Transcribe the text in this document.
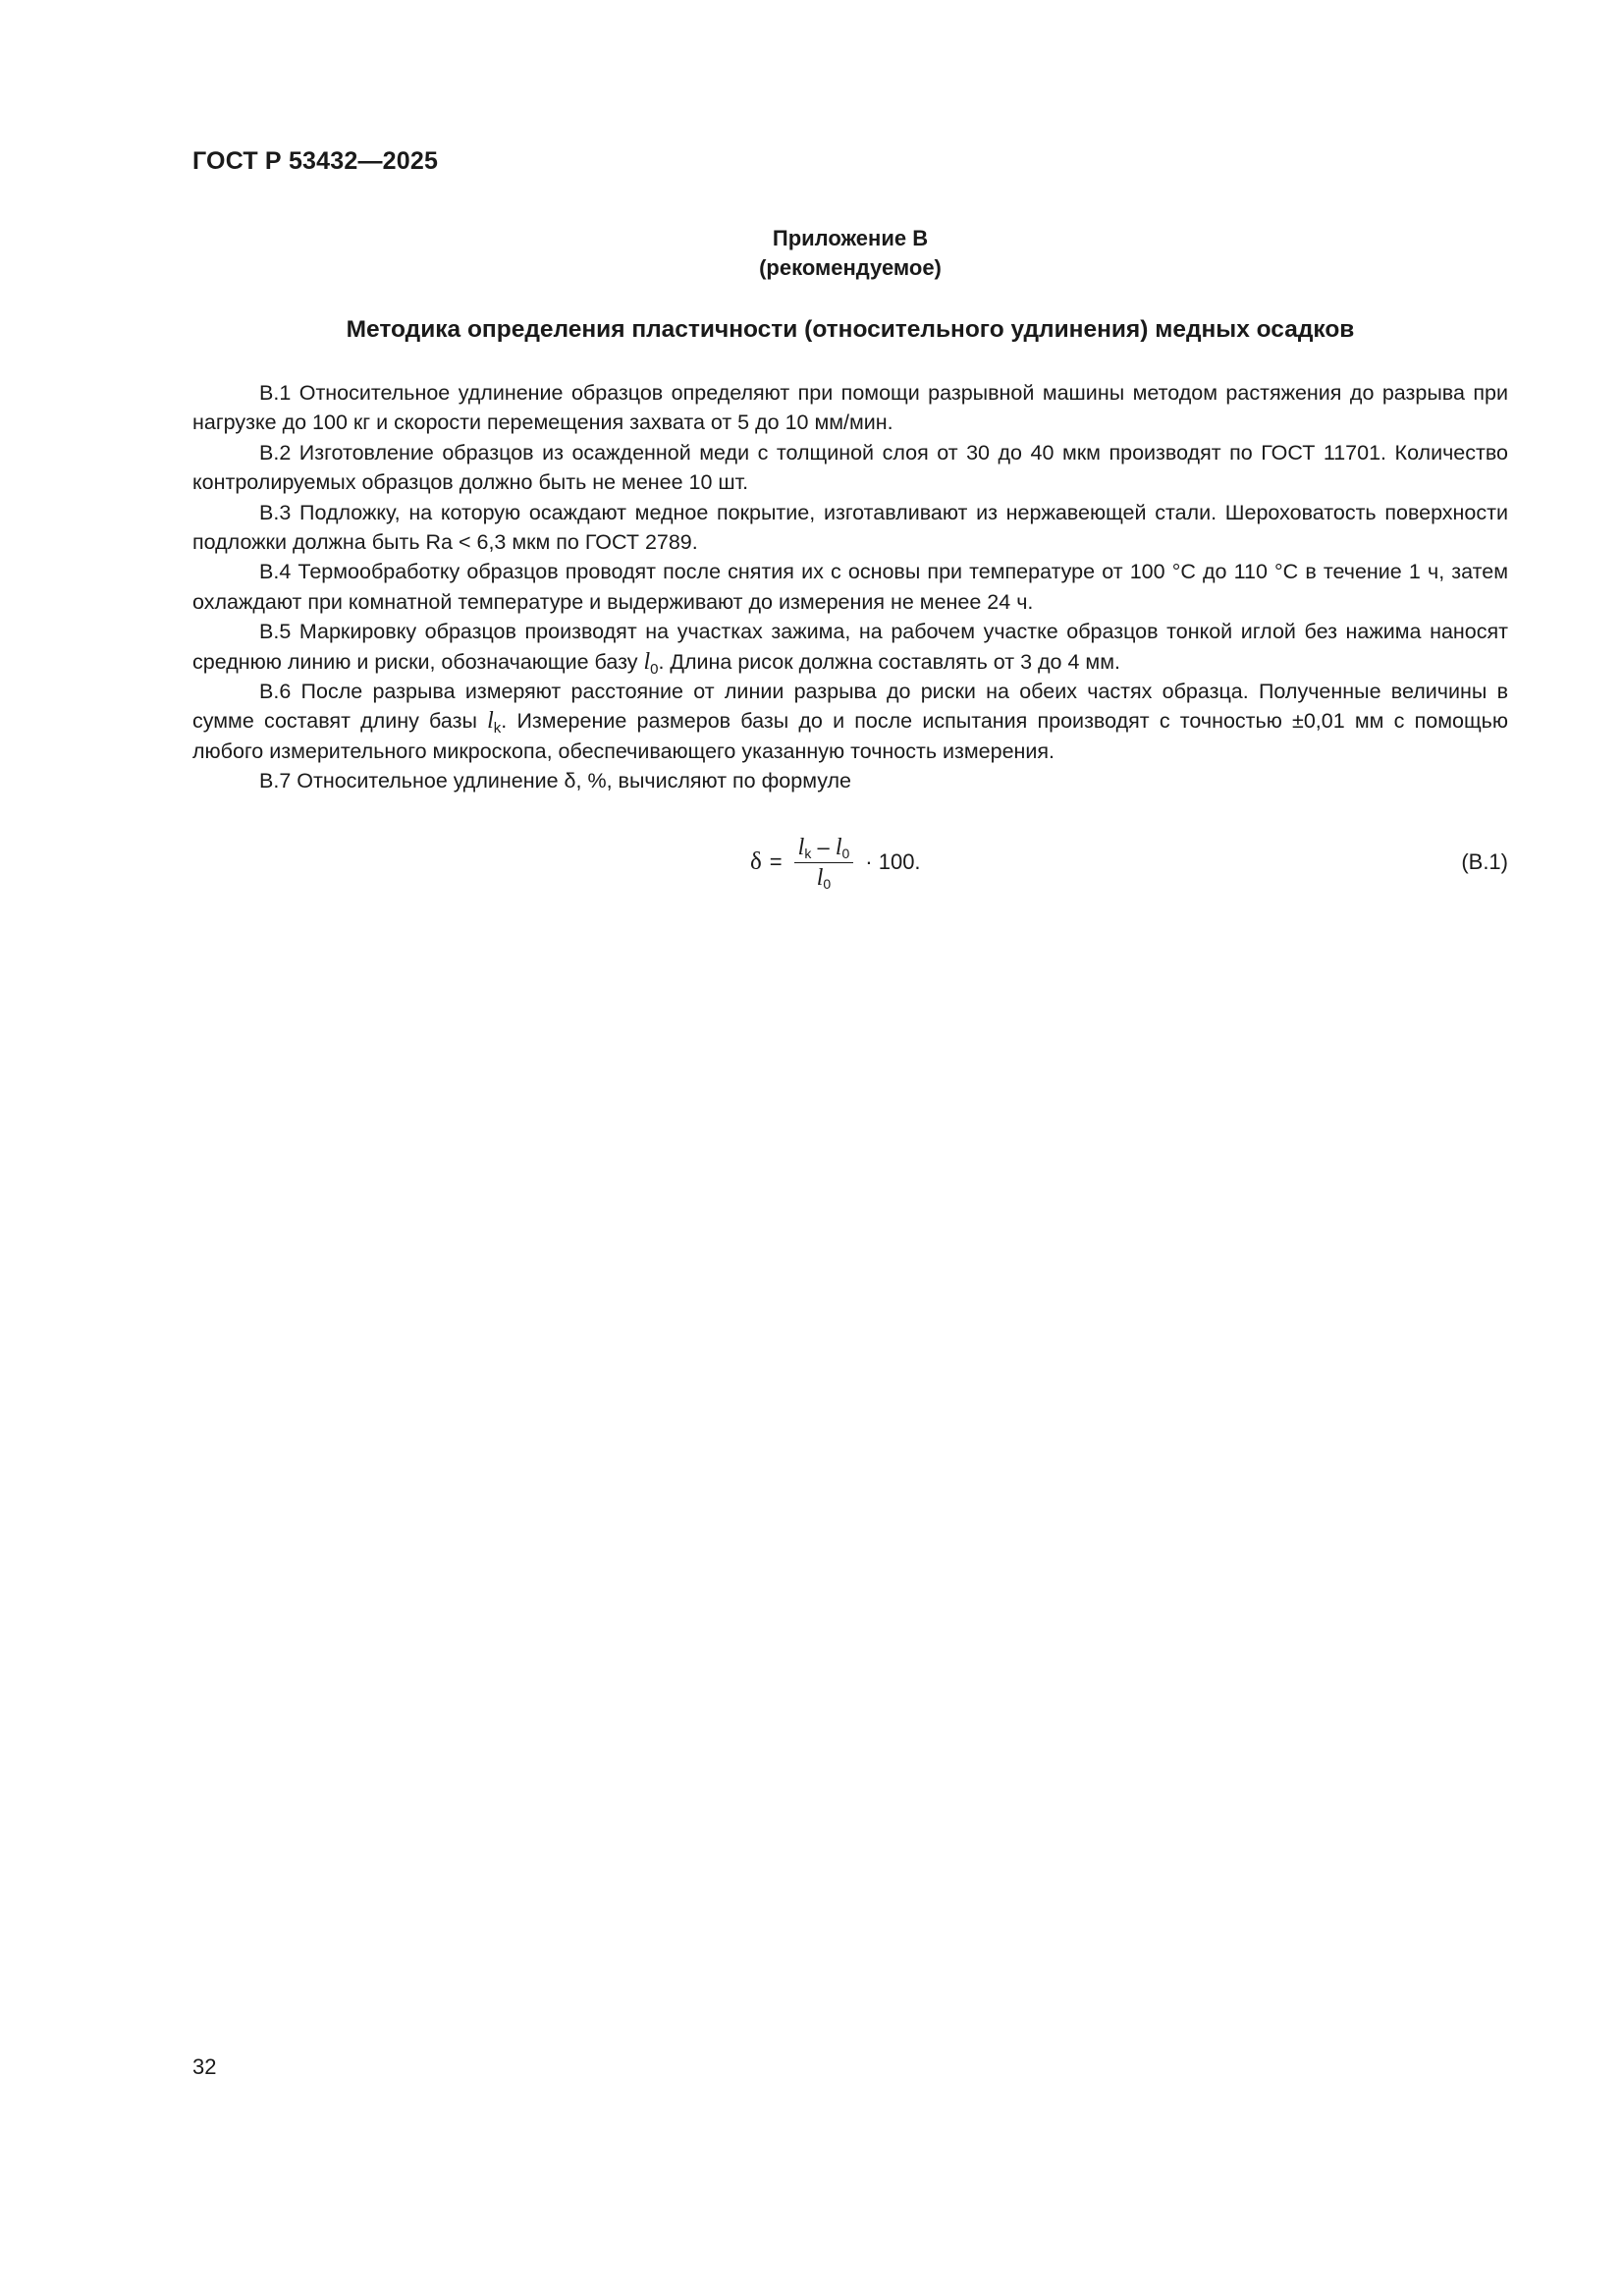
ГОСТ Р 53432—2025
Приложение В
(рекомендуемое)
Методика определения пластичности (относительного удлинения) медных осадков

В.1 Относительное удлинение образцов определяют при помощи разрывной машины методом растяжения до разрыва при нагрузке до 100 кг и скорости перемещения захвата от 5 до 10 мм/мин.

В.2 Изготовление образцов из осажденной меди с толщиной слоя от 30 до 40 мкм производят по ГОСТ 11701. Количество контролируемых образцов должно быть не менее 10 шт.

В.3 Подложку, на которую осаждают медное покрытие, изготавливают из нержавеющей стали. Шероховатость поверхности подложки должна быть Ra < 6,3 мкм по ГОСТ 2789.

В.4 Термообработку образцов проводят после снятия их с основы при температуре от 100 °С до 110 °С в течение 1 ч, затем охлаждают при комнатной температуре и выдерживают до измерения не менее 24 ч.

В.5 Маркировку образцов производят на участках зажима, на рабочем участке образцов тонкой иглой без нажима наносят среднюю линию и риски, обозначающие базу $l_0$. Длина рисок должна составлять от 3 до 4 мм.

В.6 После разрыва измеряют расстояние от линии разрыва до риски на обеих частях образца. Полученные величины в сумме составят длину базы $l_k$. Измерение размеров базы до и после испытания производят с точностью ±0,01 мм с помощью любого измерительного микроскопа, обеспечивающего указанную точность измерения.

В.7 Относительное удлинение δ, %, вычисляют по формуле

$\delta = \frac{l_k - l_0}{l_0} \cdot 100$.	(В.1)
32
